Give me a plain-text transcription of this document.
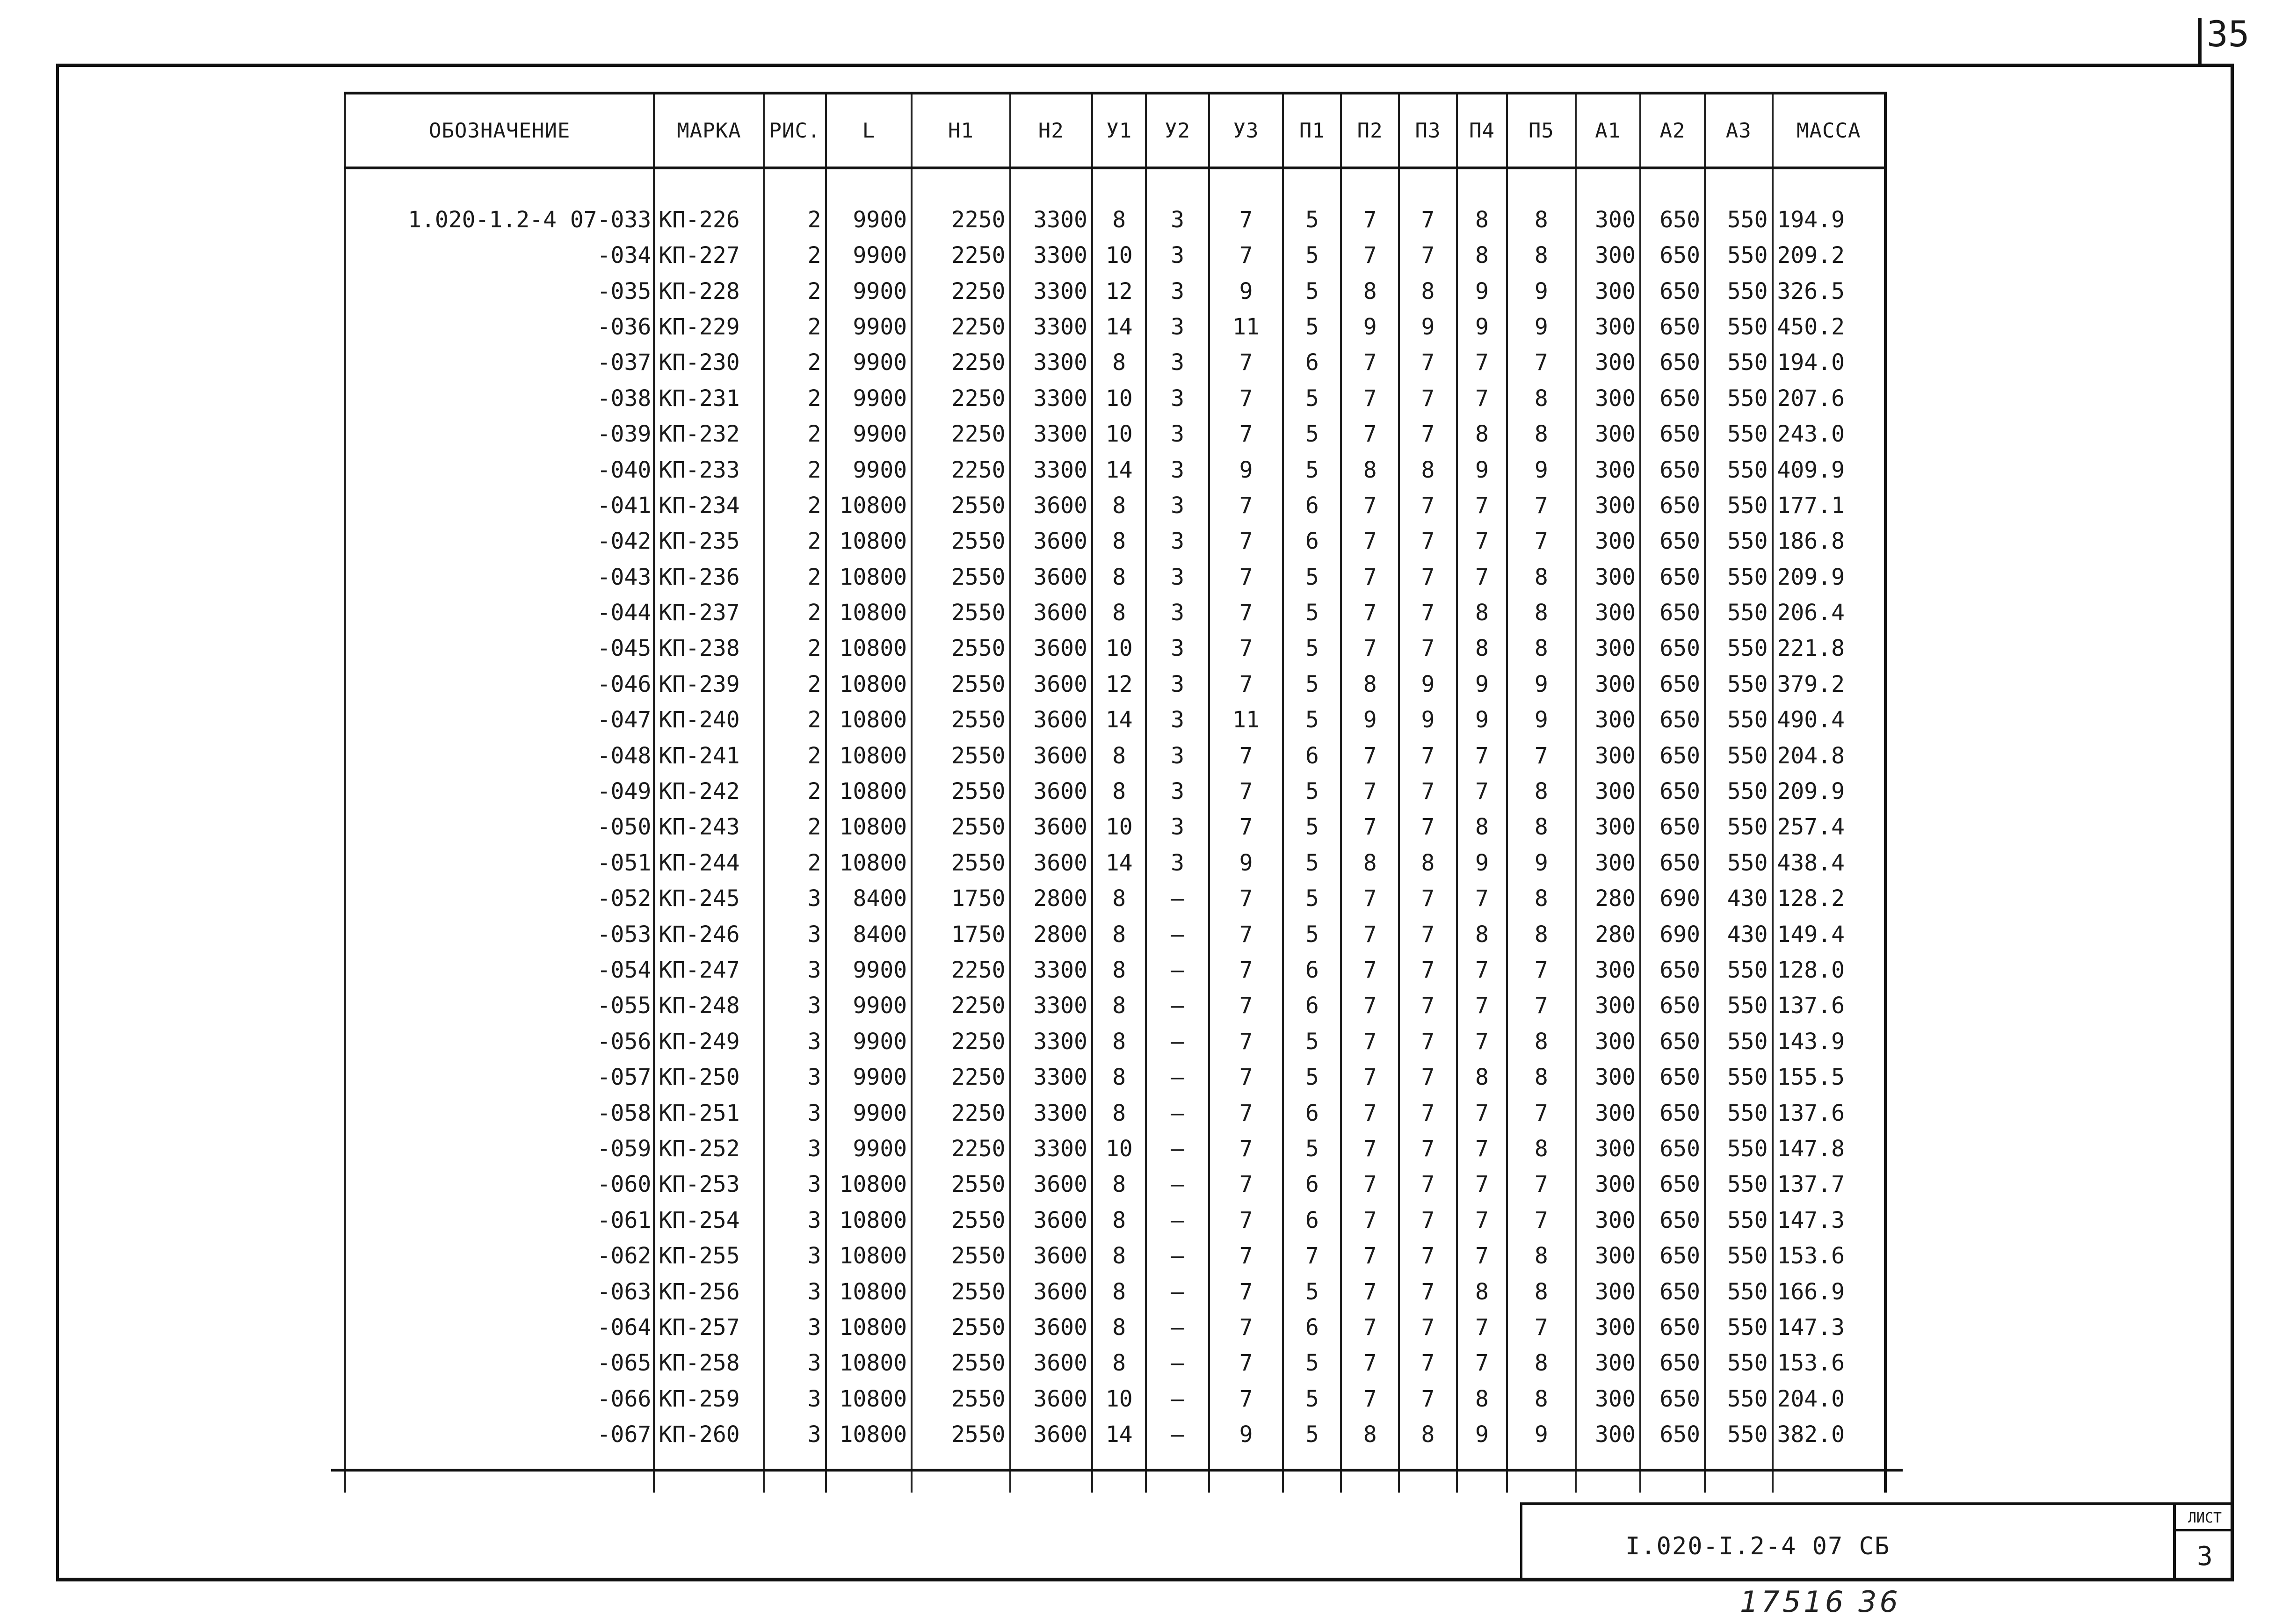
35
ОБОЗНАЧЕНИЕ	МАРКА	РИС.	L	Н1	Н2	У1	У2	У3	П1	П2	П3	П4	П5	А1	А2	А3	МАССА
1.020-1.2-4 07-033	КП-226	2	9900	2250	3300	8	3	7	5	7	7	8	8	300	650	550	194.9
-034	КП-227	2	9900	2250	3300	10	3	7	5	7	7	8	8	300	650	550	209.2
-035	КП-228	2	9900	2250	3300	12	3	9	5	8	8	9	9	300	650	550	326.5
-036	КП-229	2	9900	2250	3300	14	3	11	5	9	9	9	9	300	650	550	450.2
-037	КП-230	2	9900	2250	3300	8	3	7	6	7	7	7	7	300	650	550	194.0
-038	КП-231	2	9900	2250	3300	10	3	7	5	7	7	7	8	300	650	550	207.6
-039	КП-232	2	9900	2250	3300	10	3	7	5	7	7	8	8	300	650	550	243.0
-040	КП-233	2	9900	2250	3300	14	3	9	5	8	8	9	9	300	650	550	409.9
-041	КП-234	2	10800	2550	3600	8	3	7	6	7	7	7	7	300	650	550	177.1
-042	КП-235	2	10800	2550	3600	8	3	7	6	7	7	7	7	300	650	550	186.8
-043	КП-236	2	10800	2550	3600	8	3	7	5	7	7	7	8	300	650	550	209.9
-044	КП-237	2	10800	2550	3600	8	3	7	5	7	7	8	8	300	650	550	206.4
-045	КП-238	2	10800	2550	3600	10	3	7	5	7	7	8	8	300	650	550	221.8
-046	КП-239	2	10800	2550	3600	12	3	7	5	8	9	9	9	300	650	550	379.2
-047	КП-240	2	10800	2550	3600	14	3	11	5	9	9	9	9	300	650	550	490.4
-048	КП-241	2	10800	2550	3600	8	3	7	6	7	7	7	7	300	650	550	204.8
-049	КП-242	2	10800	2550	3600	8	3	7	5	7	7	7	8	300	650	550	209.9
-050	КП-243	2	10800	2550	3600	10	3	7	5	7	7	8	8	300	650	550	257.4
-051	КП-244	2	10800	2550	3600	14	3	9	5	8	8	9	9	300	650	550	438.4
-052	КП-245	3	8400	1750	2800	8	–	7	5	7	7	7	8	280	690	430	128.2
-053	КП-246	3	8400	1750	2800	8	–	7	5	7	7	8	8	280	690	430	149.4
-054	КП-247	3	9900	2250	3300	8	–	7	6	7	7	7	7	300	650	550	128.0
-055	КП-248	3	9900	2250	3300	8	–	7	6	7	7	7	7	300	650	550	137.6
-056	КП-249	3	9900	2250	3300	8	–	7	5	7	7	7	8	300	650	550	143.9
-057	КП-250	3	9900	2250	3300	8	–	7	5	7	7	8	8	300	650	550	155.5
-058	КП-251	3	9900	2250	3300	8	–	7	6	7	7	7	7	300	650	550	137.6
-059	КП-252	3	9900	2250	3300	10	–	7	5	7	7	7	8	300	650	550	147.8
-060	КП-253	3	10800	2550	3600	8	–	7	6	7	7	7	7	300	650	550	137.7
-061	КП-254	3	10800	2550	3600	8	–	7	6	7	7	7	7	300	650	550	147.3
-062	КП-255	3	10800	2550	3600	8	–	7	7	7	7	7	8	300	650	550	153.6
-063	КП-256	3	10800	2550	3600	8	–	7	5	7	7	8	8	300	650	550	166.9
-064	КП-257	3	10800	2550	3600	8	–	7	6	7	7	7	7	300	650	550	147.3
-065	КП-258	3	10800	2550	3600	8	–	7	5	7	7	7	8	300	650	550	153.6
-066	КП-259	3	10800	2550	3600	10	–	7	5	7	7	8	8	300	650	550	204.0
-067	КП-260	3	10800	2550	3600	14	–	9	5	8	8	9	9	300	650	550	382.0
I.020-I.2-4 07 СБ
ЛИСТ
3
17516 36
